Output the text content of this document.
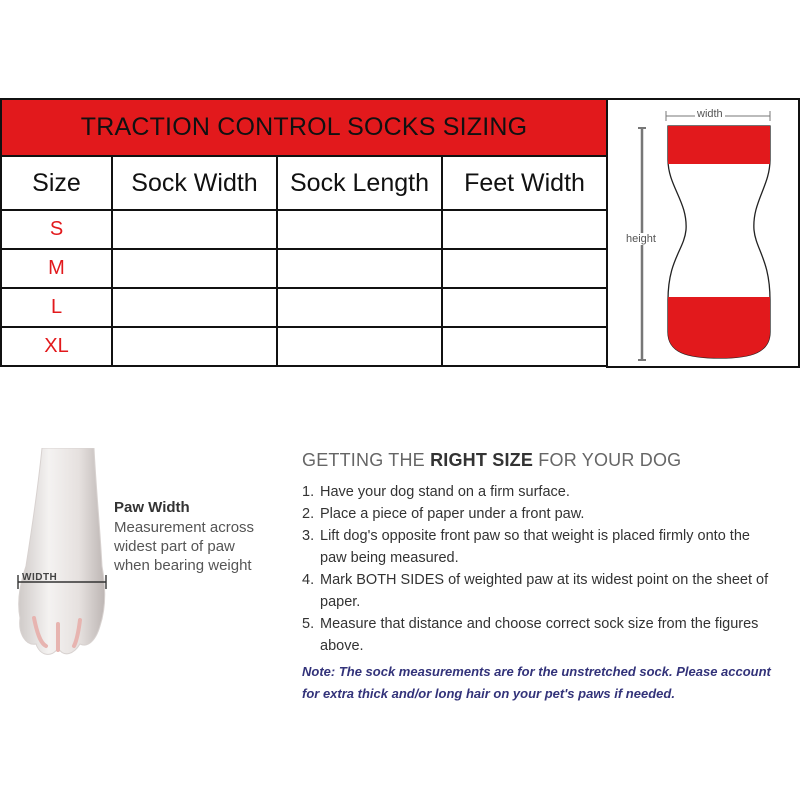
TRACTION CONTROL SOCKS SIZING			
Size	Sock Width	Sock Length	Feet Width
S			
M			
L			
XL			
width
height
WIDTH
Paw Width
Measurement across widest part of paw when bearing weight
GETTING THE RIGHT SIZE FOR YOUR DOG
1. Have your dog stand on a firm surface.
2. Place a piece of paper under a front paw.
3. Lift dog's opposite front paw so that weight is placed firmly onto the paw being measured.
4. Mark BOTH SIDES of weighted paw at its widest point on the sheet of paper.
5. Measure that distance and choose correct sock size from the figures above.
Note: The sock measurements are for the unstretched sock. Please account for extra thick and/or long hair on your pet's paws if needed.
